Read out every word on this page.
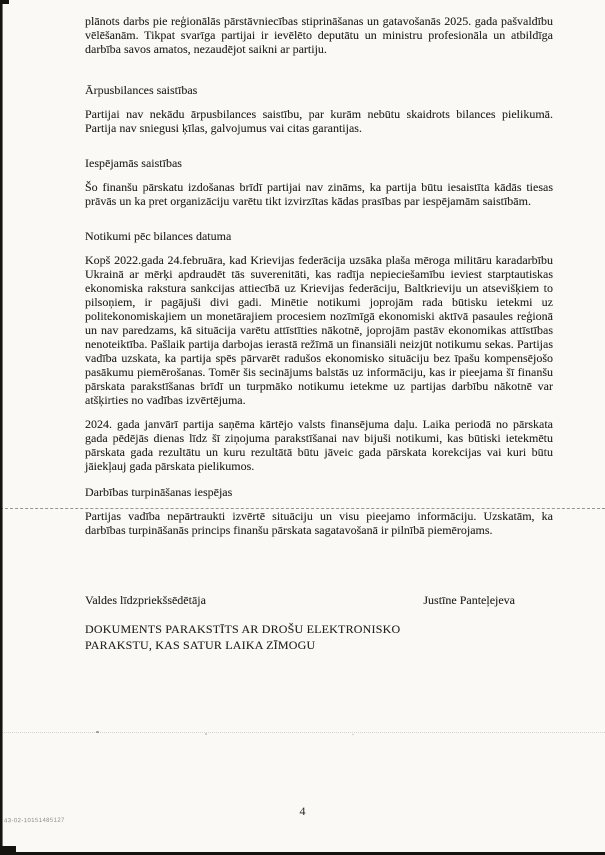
plānots darbs pie reģionālās pārstāvniecības stiprināšanas un gatavošanās 2025. gada pašvaldību vēlēšanām. Tikpat svarīga partijai ir ievēlēto deputātu un ministru profesionāla un atbildīga darbība savos amatos, nezaudējot saikni ar partiju.

Ārpusbilances saistības

Partijai nav nekādu ārpusbilances saistību, par kurām nebūtu skaidrots bilances pielikumā. Partija nav sniegusi ķīlas, galvojumus vai citas garantijas.

Iespējamās saistības

Šo finanšu pārskatu izdošanas brīdī partijai nav zināms, ka partija būtu iesaistīta kādās tiesas prāvās un ka pret organizāciju varētu tikt izvirzītas kādas prasības par iespējamām saistībām.

Notikumi pēc bilances datuma

Kopš 2022.gada 24.februāra, kad Krievijas federācija uzsāka plaša mēroga militāru karadarbību Ukrainā ar mērķi apdraudēt tās suverenitāti, kas radīja nepieciešamību ieviest starptautiskas ekonomiska rakstura sankcijas attiecībā uz Krievijas federāciju, Baltkrieviju un atsevišķiem to pilsoņiem, ir pagājuši divi gadi. Minētie notikumi joprojām rada būtisku ietekmi uz politekonomiskajiem un monetārajiem procesiem nozīmīgā ekonomiski aktīvā pasaules reģionā un nav paredzams, kā situācija varētu attīstīties nākotnē, joprojām pastāv ekonomikas attīstības nenoteiktība. Pašlaik partija darbojas ierastā režīmā un finansiāli neizjūt notikumu sekas. Partijas vadība uzskata, ka partija spēs pārvarēt radušos ekonomisko situāciju bez īpašu kompensējošo pasākumu piemērošanas. Tomēr šis secinājums balstās uz informāciju, kas ir pieejama šī finanšu pārskata parakstīšanas brīdī un turpmāko notikumu ietekme uz partijas darbību nākotnē var atšķirties no vadības izvērtējuma.

2024. gada janvārī partija saņēma kārtējo valsts finansējuma daļu. Laika periodā no pārskata gada pēdējās dienas līdz šī ziņojuma parakstīšanai nav bijuši notikumi, kas būtiski ietekmētu pārskata gada rezultātu un kuru rezultātā būtu jāveic gada pārskata korekcijas vai kuri būtu jāiekļauj gada pārskata pielikumos.

Darbības turpināšanas iespējas

Partijas vadība nepārtraukti izvērtē situāciju un visu pieejamo informāciju. Uzskatām, ka darbības turpināšanās princips finanšu pārskata sagatavošanā ir pilnībā piemērojams.

Valdes līdzpriekšsēdētāja	Justīne Panteļejeva

DOKUMENTS PARAKSTĪTS AR DROŠU ELEKTRONISKO PARAKSTU, KAS SATUR LAIKA ZĪMOGU

4
43-02-10151485127
